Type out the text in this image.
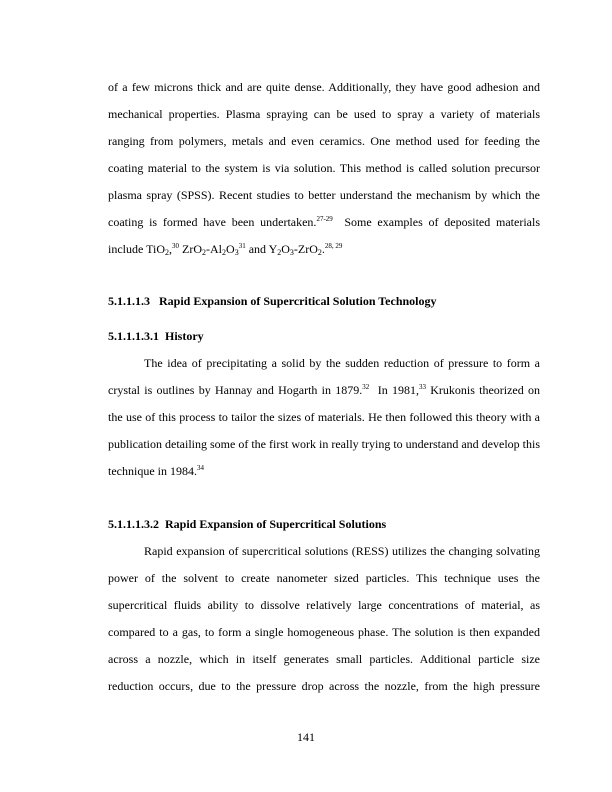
of a few microns thick and are quite dense. Additionally, they have good adhesion and
mechanical properties. Plasma spraying can be used to spray a variety of materials
ranging from polymers, metals and even ceramics. One method used for feeding the
coating material to the system is via solution. This method is called solution precursor
plasma spray (SPSS). Recent studies to better understand the mechanism by which the
coating is formed have been undertaken.$^{27-29}$  Some examples of deposited materials
include TiO$_2$,$^{30}$ $ZrO_2-Al_2O_3^{31}$ and $Y_2O_3-ZrO_2.^{28, 29}$
5.1.1.1.3 Rapid Expansion of Supercritical Solution Technology
5.1.1.1.3.1 History
The idea of precipitating a solid by the sudden reduction of pressure to form a
crystal is outlines by Hannay and Hogarth in 1879.32  In 1981,33 Krukonis theorized on
the use of this process to tailor the sizes of materials. He then followed this theory with a
publication detailing some of the first work in really trying to understand and develop this
technique in 1984.34
5.1.1.1.3.2 Rapid Expansion of Supercritical Solutions
Rapid expansion of supercritical solutions (RESS) utilizes the changing solvating
power of the solvent to create nanometer sized particles. This technique uses the
supercritical fluids ability to dissolve relatively large concentrations of material, as
compared to a gas, to form a single homogeneous phase. The solution is then expanded
across a nozzle, which in itself generates small particles. Additional particle size
reduction occurs, due to the pressure drop across the nozzle, from the high pressure
141
